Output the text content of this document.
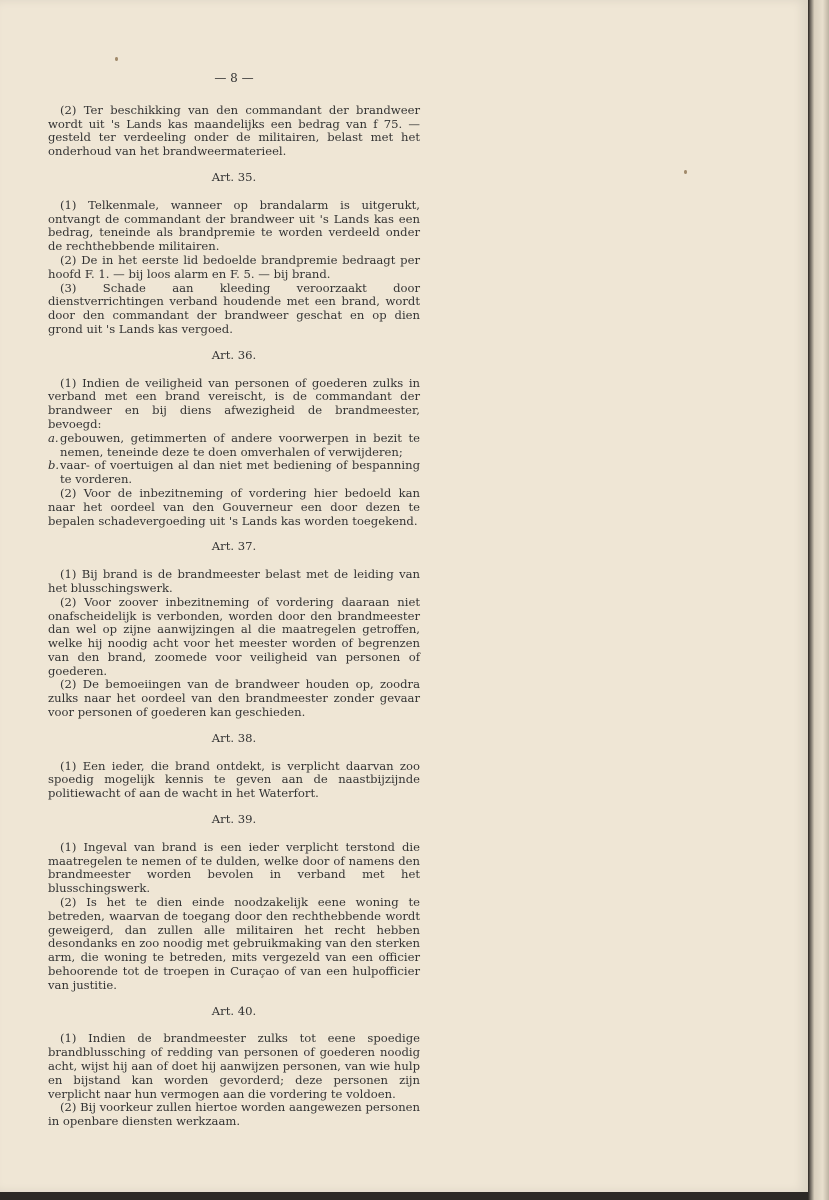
— 8 —

(2) Ter beschikking van den commandant der brandweer wordt uit 's Lands kas maandelijks een bedrag van f 75. — gesteld ter verdeeling onder de militairen, belast met het onderhoud van het brandweermaterieel.

Art. 35.

(1) Telkenmale, wanneer op brandalarm is uitgerukt, ontvangt de commandant der brandweer uit 's Lands kas een bedrag, teneinde als brandpremie te worden verdeeld onder de rechthebbende militairen.

(2) De in het eerste lid bedoelde brandpremie bedraagt per hoofd F. 1. — bij loos alarm en F. 5. — bij brand.

(3) Schade aan kleeding veroorzaakt door dienstverrichtingen verband houdende met een brand, wordt door den commandant der brandweer geschat en op dien grond uit 's Lands kas vergoed.

Art. 36.

(1) Indien de veiligheid van personen of goederen zulks in verband met een brand vereischt, is de commandant der brandweer en bij diens afwezigheid de brandmeester, bevoegd:

a. gebouwen, getimmerten of andere voorwerpen in bezit te nemen, teneinde deze te doen omverhalen of verwijderen;

b. vaar- of voertuigen al dan niet met bediening of bespanning te vorderen.

(2) Voor de inbezitneming of vordering hier bedoeld kan naar het oordeel van den Gouverneur een door dezen te bepalen schadevergoeding uit 's Lands kas worden toegekend.

Art. 37.

(1) Bij brand is de brandmeester belast met de leiding van het blusschingswerk.

(2) Voor zoover inbezitneming of vordering daaraan niet onafscheidelijk is verbonden, worden door den brandmeester dan wel op zijne aanwijzingen al die maatregelen getroffen, welke hij noodig acht voor het meester worden of begrenzen van den brand, zoomede voor veiligheid van personen of goederen.

(2) De bemoeiingen van de brandweer houden op, zoodra zulks naar het oordeel van den brandmeester zonder gevaar voor personen of goederen kan geschieden.

Art. 38.

(1) Een ieder, die brand ontdekt, is verplicht daarvan zoo spoedig mogelijk kennis te geven aan de naastbijzijnde politiewacht of aan de wacht in het Waterfort.

Art. 39.

(1) Ingeval van brand is een ieder verplicht terstond die maatregelen te nemen of te dulden, welke door of namens den brandmeester worden bevolen in verband met het blusschingswerk.

(2) Is het te dien einde noodzakelijk eene woning te betreden, waarvan de toegang door den rechthebbende wordt geweigerd, dan zullen alle militairen het recht hebben desondanks en zoo noodig met gebruikmaking van den sterken arm, die woning te betreden, mits vergezeld van een officier behoorende tot de troepen in Curaçao of van een hulpofficier van justitie.

Art. 40.

(1) Indien de brandmeester zulks tot eene spoedige brandblussching of redding van personen of goederen noodig acht, wijst hij aan of doet hij aanwijzen personen, van wie hulp en bijstand kan worden gevorderd; deze personen zijn verplicht naar hun vermogen aan die vordering te voldoen.

(2) Bij voorkeur zullen hiertoe worden aangewezen personen in openbare diensten werkzaam.
